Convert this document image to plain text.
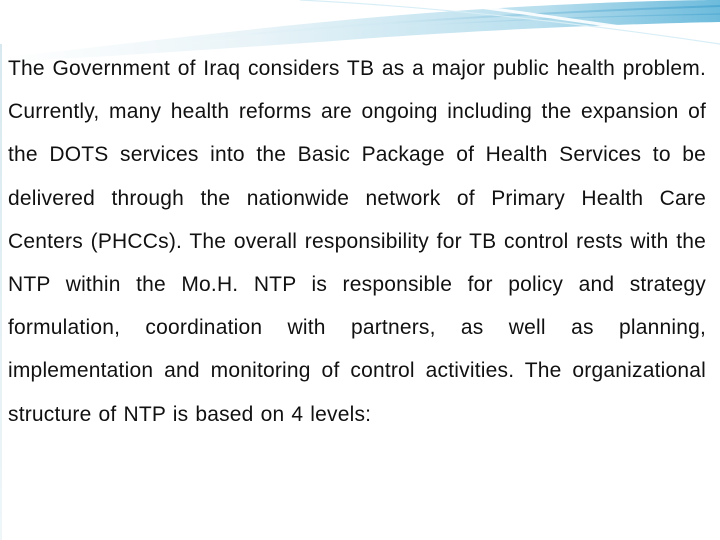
The Government of Iraq considers TB as a major public health problem. Currently, many health reforms are ongoing including the expansion of the DOTS services into the Basic Package of Health Services to be delivered through the nationwide network of Primary Health Care Centers (PHCCs). The overall responsibility for TB control rests with the NTP within the Mo.H. NTP is responsible for policy and strategy formulation, coordination with partners, as well as planning, implementation and monitoring of control activities. The organizational structure of NTP is based on 4 levels:
